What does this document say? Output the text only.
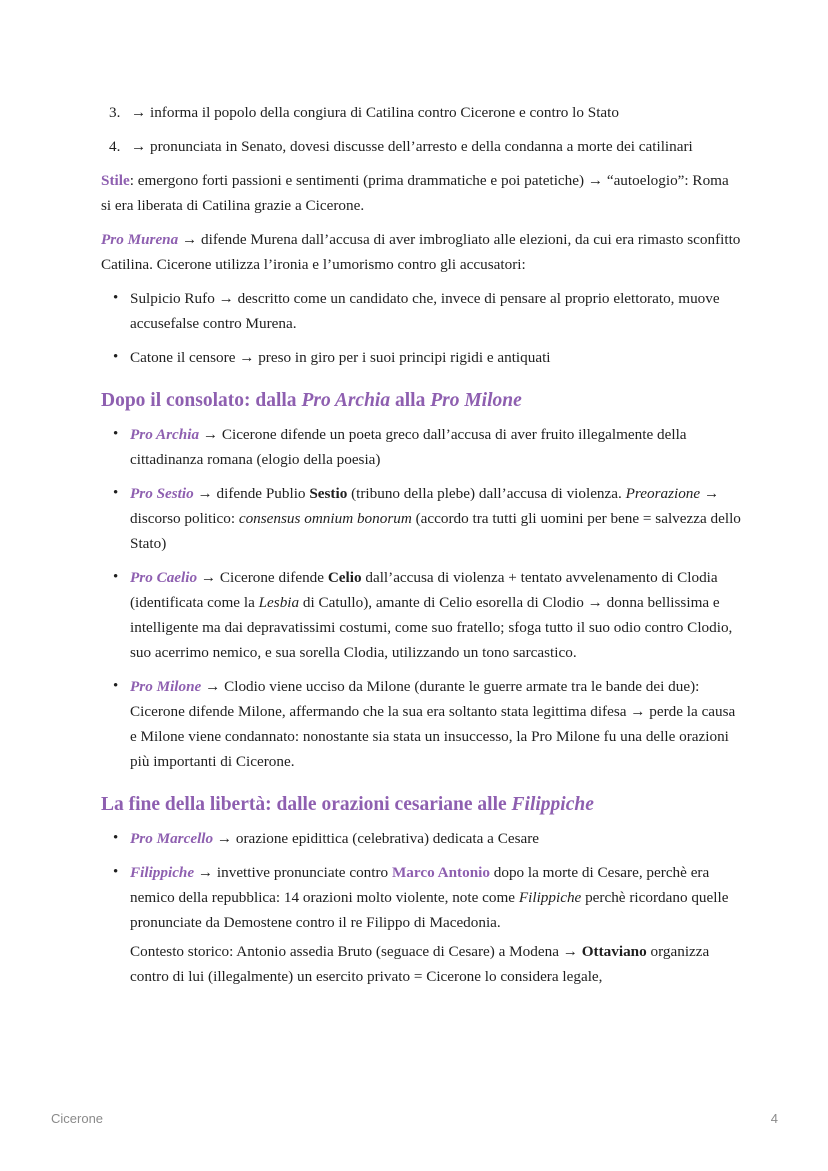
3. → informa il popolo della congiura di Catilina contro Cicerone e contro lo Stato
4. → pronunciata in Senato, dovesi discusse dell’arresto e della condanna a morte dei catilinari

Stile: emergono forti passioni e sentimenti (prima drammatiche e poi patetiche) → “autoelogio”: Roma si era liberata di Catilina grazie a Cicerone.

Pro Murena → difende Murena dall’accusa di aver imbrogliato alle elezioni, da cui era rimasto sconfitto Catilina. Cicerone utilizza l’ironia e l’umorismo contro gli accusatori:

• Sulpicio Rufo → descritto come un candidato che, invece di pensare al proprio elettorato, muove accusefalse contro Murena.
• Catone il censore → preso in giro per i suoi principi rigidi e antiquati
Dopo il consolato: dalla Pro Archia alla Pro Milone
• Pro Archia → Cicerone difende un poeta greco dall’accusa di aver fruito illegalmente della cittadinanza romana (elogio della poesia)
• Pro Sestio → difende Publio Sestio (tribuno della plebe) dall’accusa di violenza. Preorazione → discorso politico: consensus omnium bonorum (accordo tra tutti gli uomini per bene = salvezza dello Stato)
• Pro Caelio → Cicerone difende Celio dall’accusa di violenza + tentato avvelenamento di Clodia (identificata come la Lesbia di Catullo), amante di Celio esorella di Clodio → donna bellissima e intelligente ma dai depravatissimi costumi, come suo fratello; sfoga tutto il suo odio contro Clodio, suo acerrimo nemico, e sua sorella Clodia, utilizzando un tono sarcastico.
• Pro Milone → Clodio viene ucciso da Milone (durante le guerre armate tra le bande dei due): Cicerone difende Milone, affermando che la sua era soltanto stata legittima difesa → perde la causa e Milone viene condannato: nonostante sia stata un insuccesso, la Pro Milone fu una delle orazioni più importanti di Cicerone.
La fine della libertà: dalle orazioni cesariane alle Filippiche
• Pro Marcello → orazione epidittica (celebrativa) dedicata a Cesare
• Filippiche → invettive pronunciate contro Marco Antonio dopo la morte di Cesare, perchè era nemico della repubblica: 14 orazioni molto violente, note come Filippiche perchè ricordano quelle pronunciate da Demostene contro il re Filippo di Macedonia.
Contesto storico: Antonio assedia Bruto (seguace di Cesare) a Modena → Ottaviano organizza contro di lui (illegalmente) un esercito privato = Cicerone lo considera legale,
Cicerone	4
